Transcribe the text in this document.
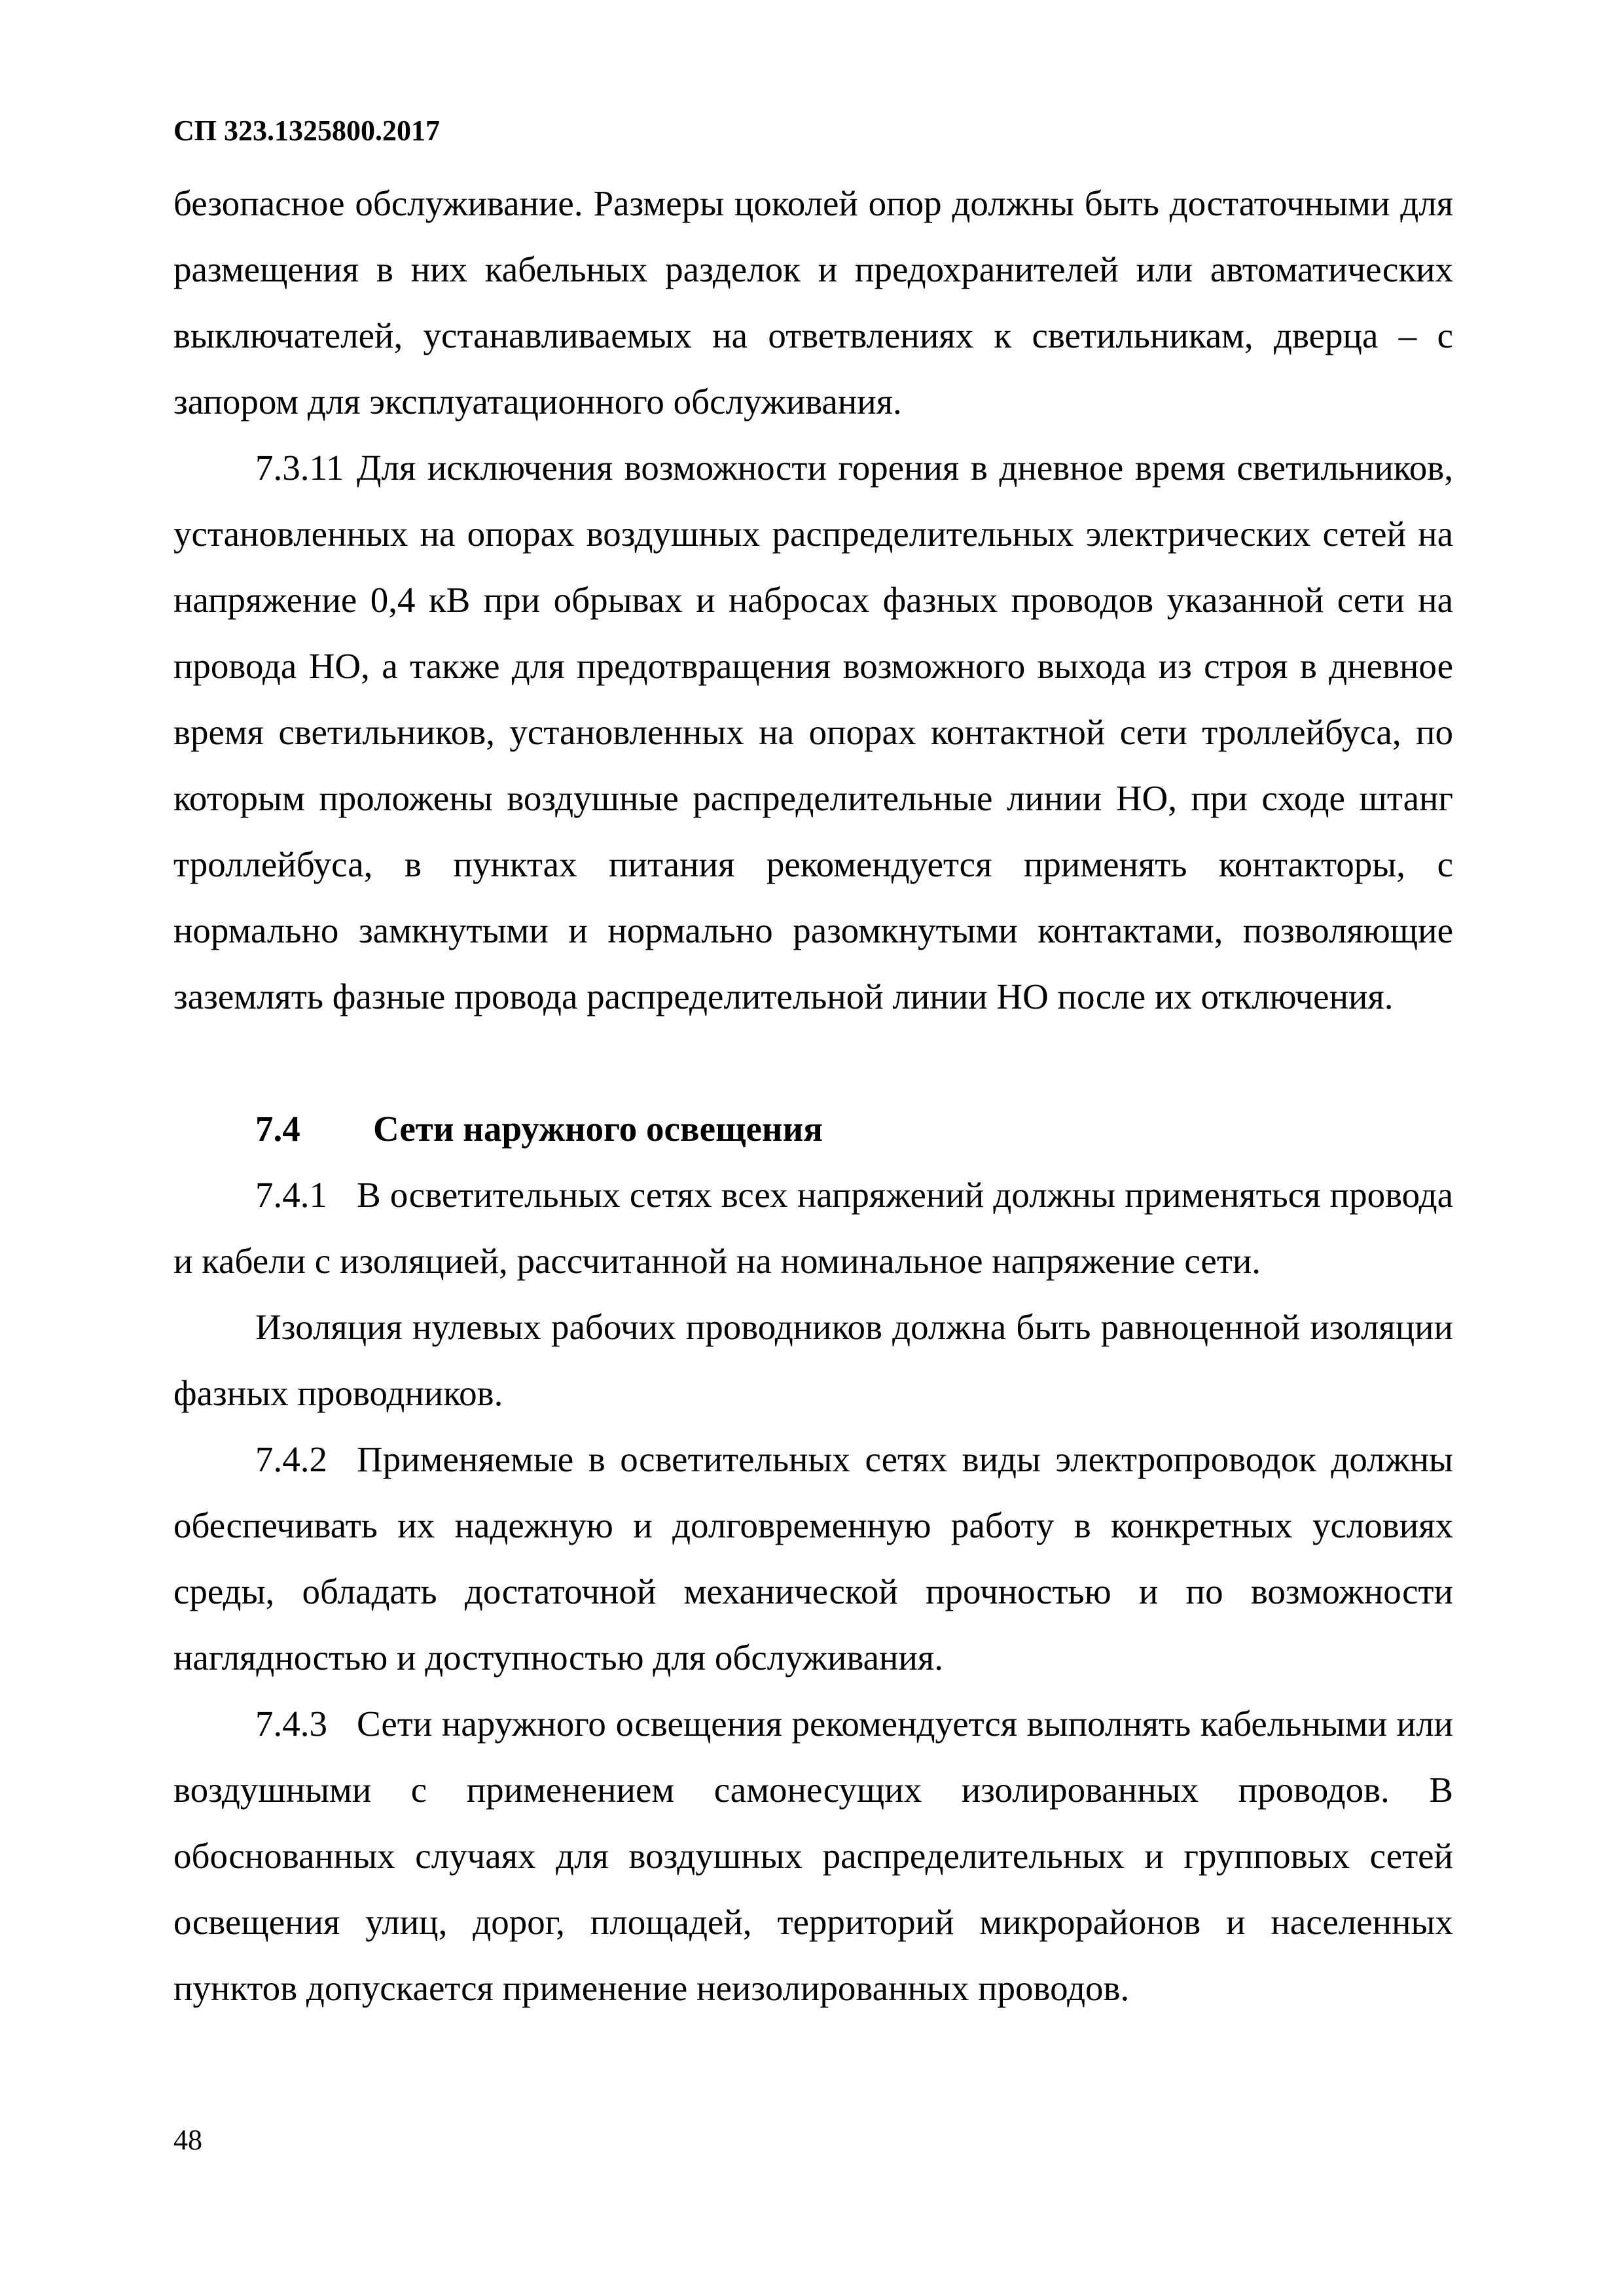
СП 323.1325800.2017

безопасное обслуживание. Размеры цоколей опор должны быть достаточными для размещения в них кабельных разделок и предохранителей или автоматических выключателей, устанавливаемых на ответвлениях к светильникам, дверца – с запором для эксплуатационного обслуживания.

7.3.11 Для исключения возможности горения в дневное время светильников, установленных на опорах воздушных распределительных электрических сетей на напряжение 0,4 кВ при обрывах и набросах фазных проводов указанной сети на провода НО, а также для предотвращения возможного выхода из строя в дневное время светильников, установленных на опорах контактной сети троллейбуса, по которым проложены воздушные распределительные линии НО, при сходе штанг троллейбуса, в пунктах питания рекомендуется применять контакторы, с нормально замкнутыми и нормально разомкнутыми контактами, позволяющие заземлять фазные провода распределительной линии НО после их отключения.

7.4 Сети наружного освещения

7.4.1 В осветительных сетях всех напряжений должны применяться провода и кабели с изоляцией, рассчитанной на номинальное напряжение сети.

Изоляция нулевых рабочих проводников должна быть равноценной изоляции фазных проводников.

7.4.2 Применяемые в осветительных сетях виды электропроводок должны обеспечивать их надежную и долговременную работу в конкретных условиях среды, обладать достаточной механической прочностью и по возможности наглядностью и доступностью для обслуживания.

7.4.3 Сети наружного освещения рекомендуется выполнять кабельными или воздушными с применением самонесущих изолированных проводов. В обоснованных случаях для воздушных распределительных и групповых сетей освещения улиц, дорог, площадей, территорий микрорайонов и населенных пунктов допускается применение неизолированных проводов.

48
